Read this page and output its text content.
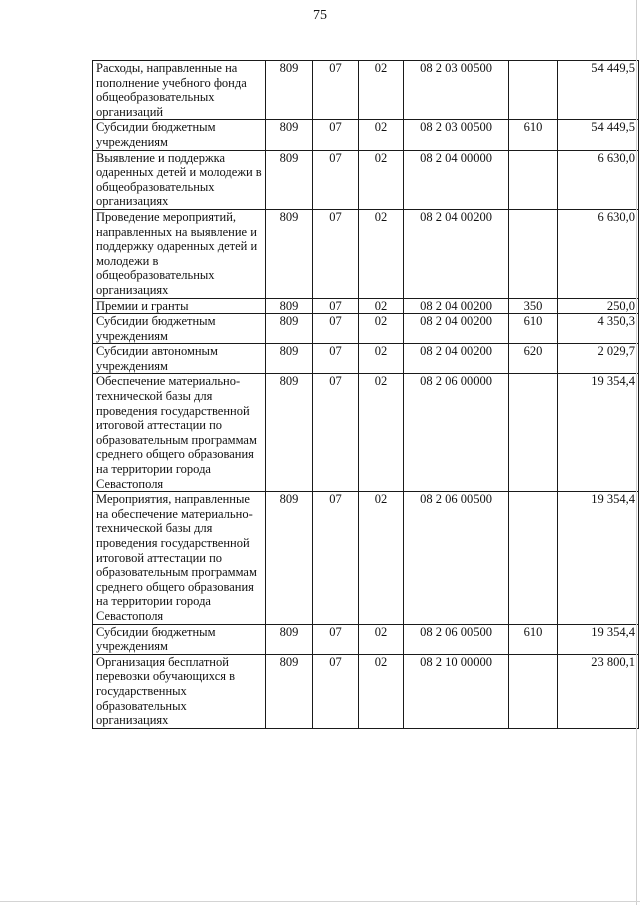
75
Расходы, направленные на пополнение учебного фонда общеобразовательных организаций	809	07	02	08 2 03 00500		54 449,5
Субсидии бюджетным учреждениям	809	07	02	08 2 03 00500	610	54 449,5
Выявление и поддержка одаренных детей и молодежи в общеобразовательных организациях	809	07	02	08 2 04 00000		6 630,0
Проведение мероприятий, направленных на выявление и поддержку одаренных детей и молодежи в общеобразовательных организациях	809	07	02	08 2 04 00200		6 630,0
Премии и гранты	809	07	02	08 2 04 00200	350	250,0
Субсидии бюджетным учреждениям	809	07	02	08 2 04 00200	610	4 350,3
Субсидии автономным учреждениям	809	07	02	08 2 04 00200	620	2 029,7
Обеспечение материально-технической базы для проведения государственной итоговой аттестации по образовательным программам среднего общего образования на территории города Севастополя	809	07	02	08 2 06 00000		19 354,4
Мероприятия, направленные на обеспечение материально-технической базы для проведения государственной итоговой аттестации по образовательным программам среднего общего образования на территории города Севастополя	809	07	02	08 2 06 00500		19 354,4
Субсидии бюджетным учреждениям	809	07	02	08 2 06 00500	610	19 354,4
Организация бесплатной перевозки обучающихся в государственных образовательных организациях	809	07	02	08 2 10 00000		23 800,1
